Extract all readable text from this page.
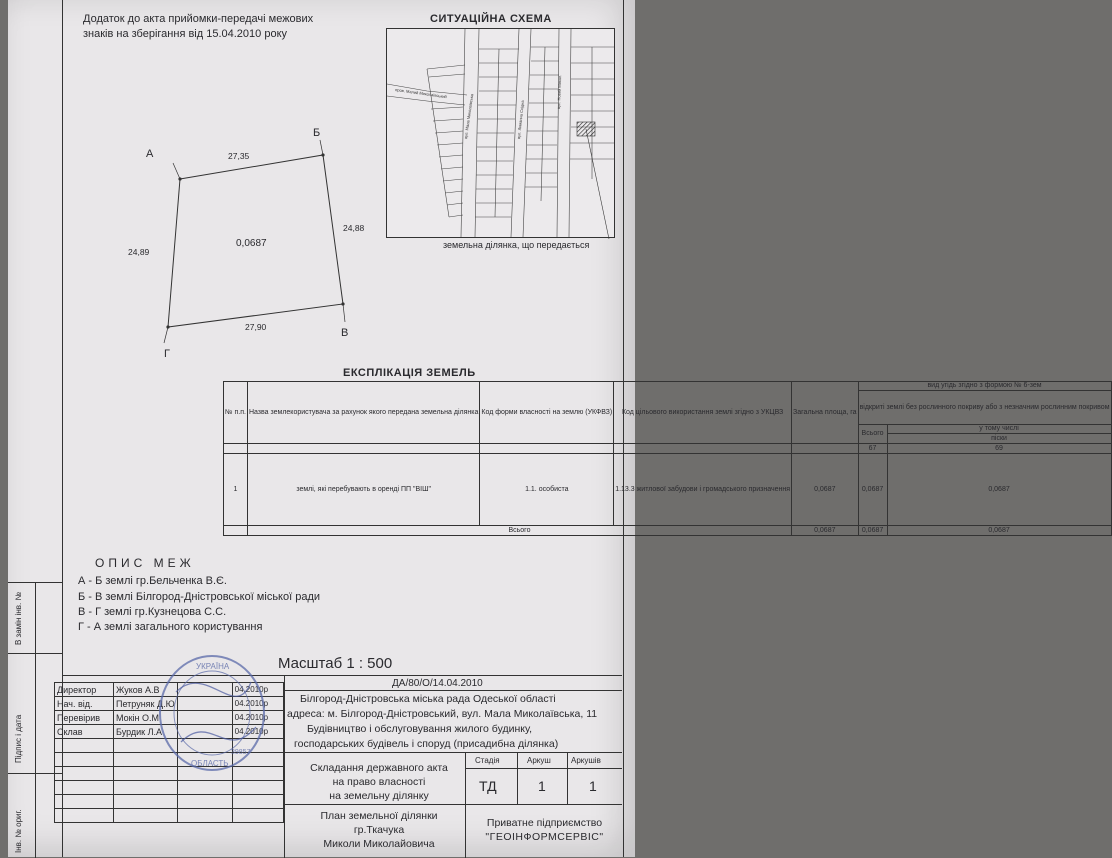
Додаток до акта прийомки-передачі межових
знаків на зберігання від 15.04.2010 року
СИТУАЦІЙНА СХЕМА
пров. Малий Миколаївський
вул. Мала Миколаївська	вул. Лиманна Східна
вул. Новий Микол.
земельна ділянка, що передається
А
Б
В
Г
27,35
24,88
27,90
24,89
0,0687
ЕКСПЛІКАЦІЯ ЗЕМЕЛЬ
№ п.п.	Назва землекористувача за рахунок якого передана земельна ділянка	Код форми власності на землю (УКФВЗ)	Код цільового використання землі згідно з УКЦВЗ	Загальна площа, га	вид угідь згідно з формою № 6-зем	
					відкриті землі без рослинного покриву або з незначним рослинним покривом	
					Всього	у тому числі
						піски
					67	69
1	землі, які перебувають в оренді ПП "ВІШ"	1.1. особиста	1.13.3 житлової забудови і громадського призначення	0,0687	0,0687	0,0687
	Всього			0,0687	0,0687	0,0687
ОПИС МЕЖ
А - Б землі гр.Бельченка В.Є.
Б - В землі Білгород-Дністровської міської ради
В - Г землі гр.Кузнецова С.С.
Г - А землі загального користування
Масштаб 1 : 500
В замін інв. №
Підпис і дата
Інв. № ориг.
ДА/80/О/14.04.2010
Директор	Жуков А.В		04.2010р
Нач. від.	Петруняк Д.Ю		04.2010р
Перевірив	Мокін О.М		04.2010р
Склав	Бурдик Л.А		04.2010р

Білгород-Дністровська міська рада Одеської області
адреса: м. Білгород-Дністровський, вул. Мала Миколаївська, 11
Будівництво і обслуговування жилого будинку,
господарських будівель і споруд (присадибна ділянка)
Складання державного акта
на право власності
на земельну ділянку
Стадія	Аркуш	Аркушів
ТД	1	1
План земельної ділянки
гр.Ткачука
Миколи Миколайовича
Приватне підприємство
"ГЕОІНФОРМСЕРВІС"
УКРАЇНА
ОБЛАСТЬ
39857
